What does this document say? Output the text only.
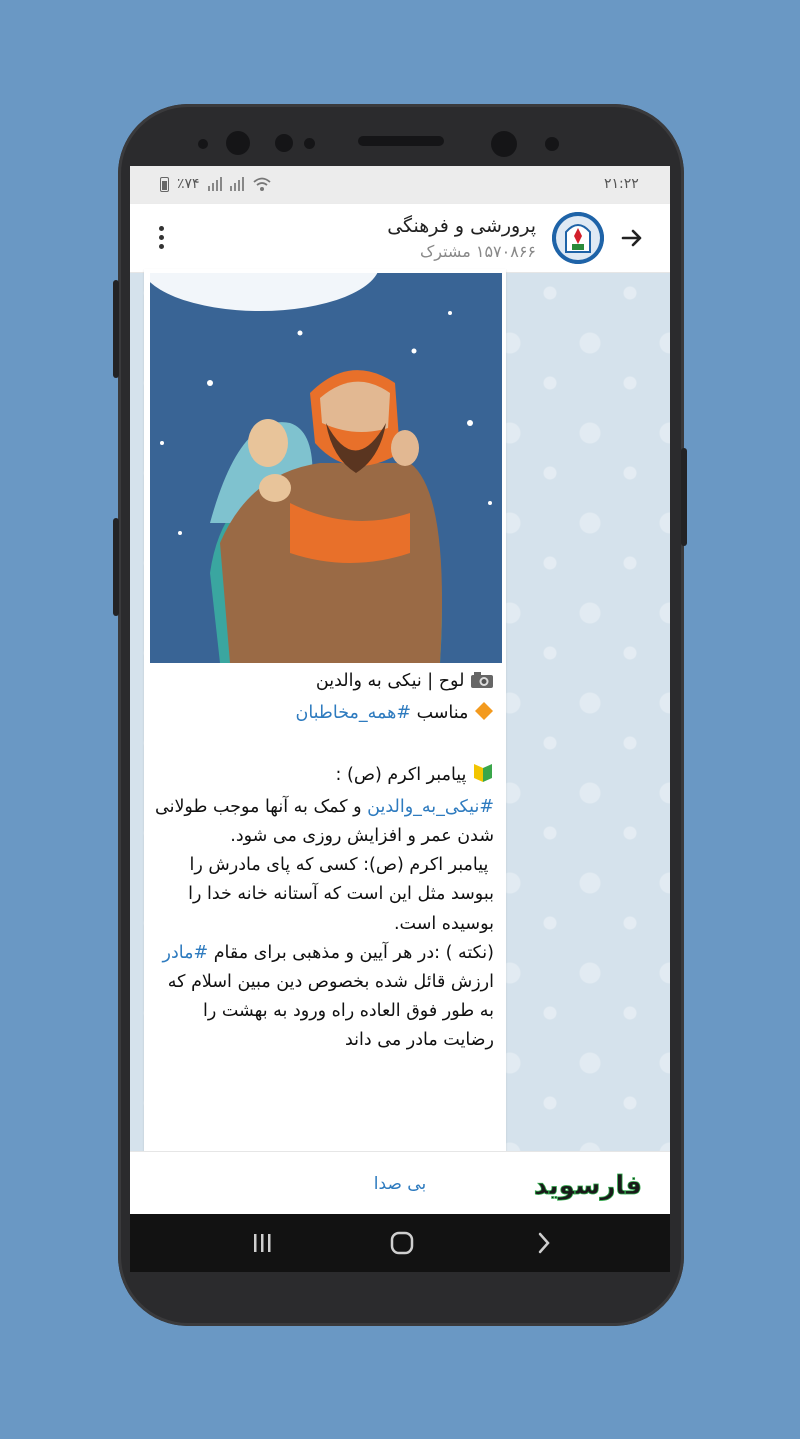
٪۷۴	۲۱:۲۲
پرورشی و فرهنگی
۱۵۷۰۸۶۶ مشترک
لوح | نیکی به والدین
مناسب #همه_مخاطبان

پیامبر اکرم (ص) :
#نیکی_به_والدین و کمک به آنها موجب طولانی شدن عمر و افزایش روزی می شود.
پیامبر اکرم (ص): کسی که پای مادرش را ببوسد مثل این است که آستانه خانه خدا را بوسیده است.
(نکته ) :در هر آیین و مذهبی برای مقام #مادر ارزش قائل شده بخصوص دین مبین اسلام که به طور فوق العاده راه ورود به بهشت را رضایت مادر می داند
بی صدا	فارسوید
